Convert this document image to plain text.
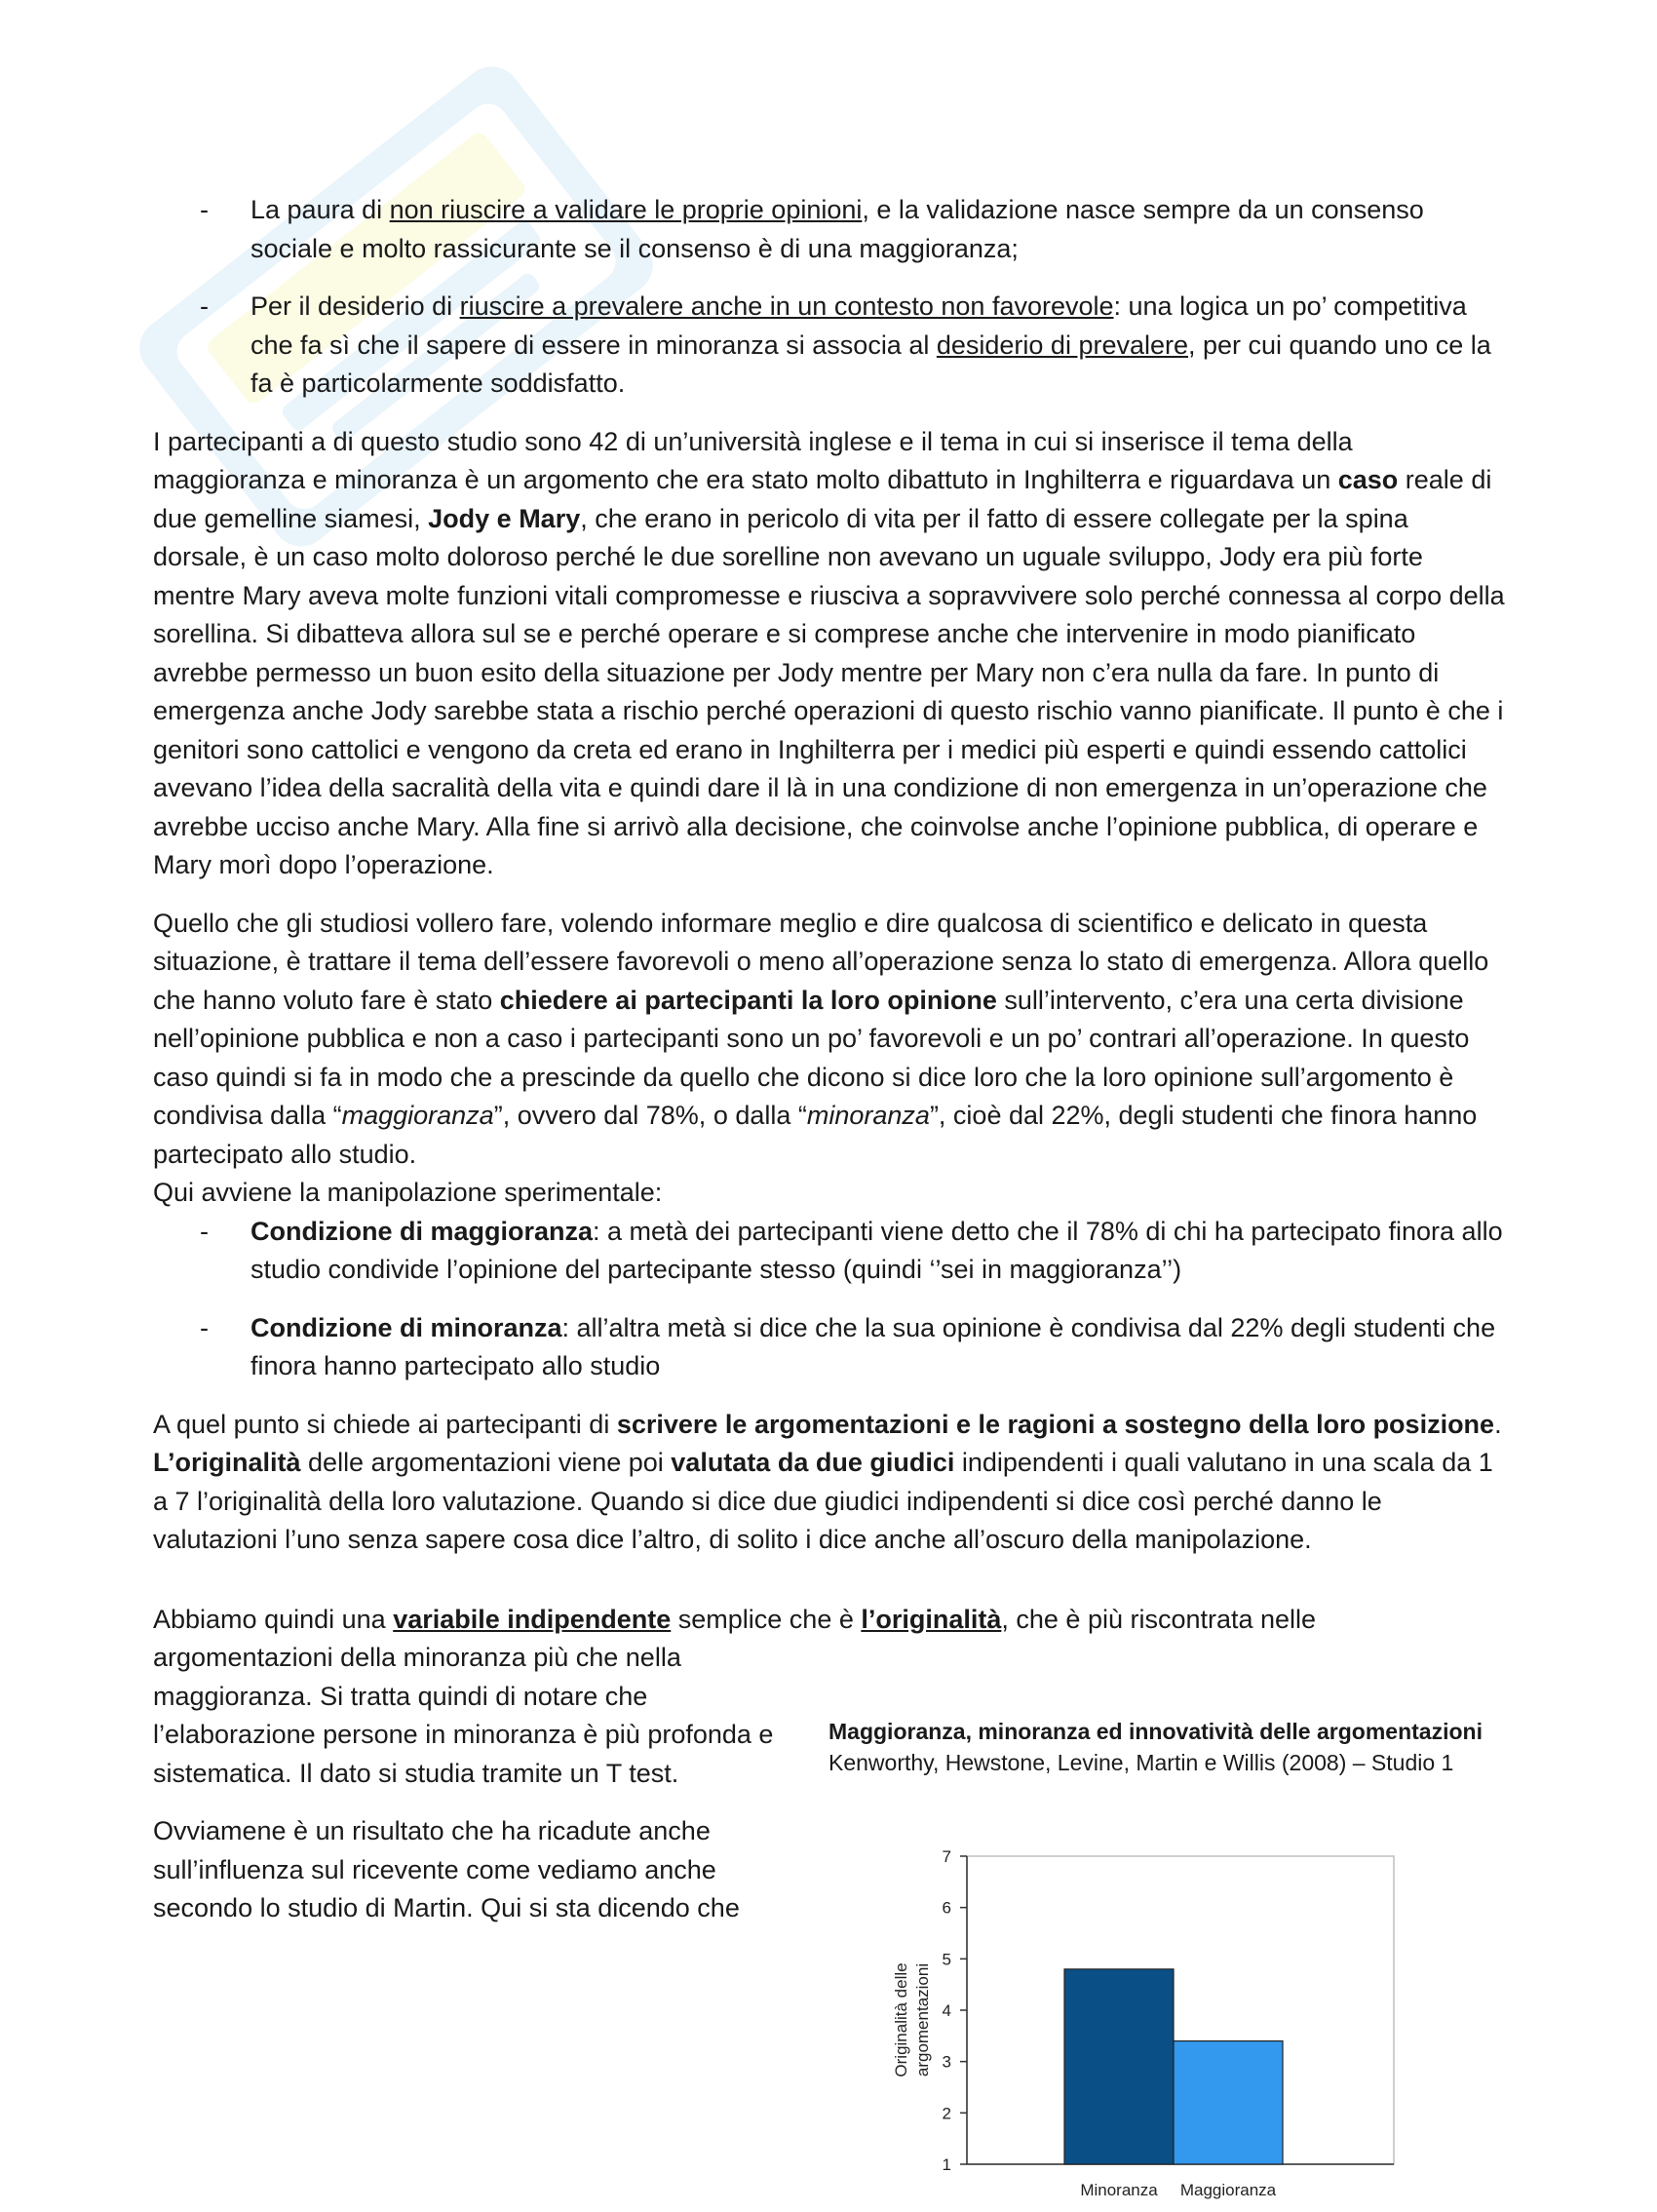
- La paura di non riuscire a validare le proprie opinioni, e la validazione nasce sempre da un consenso sociale e molto rassicurante se il consenso è di una maggioranza;
- Per il desiderio di riuscire a prevalere anche in un contesto non favorevole: una logica un po’ competitiva che fa sì che il sapere di essere in minoranza si associa al desiderio di prevalere, per cui quando uno ce la fa è particolarmente soddisfatto.

I partecipanti a di questo studio sono 42 di un’università inglese e il tema in cui si inserisce il tema della maggioranza e minoranza è un argomento che era stato molto dibattuto in Inghilterra e riguardava un caso reale di due gemelline siamesi, Jody e Mary, che erano in pericolo di vita per il fatto di essere collegate per la spina dorsale, è un caso molto doloroso perché le due sorelline non avevano un uguale sviluppo, Jody era più forte mentre Mary aveva molte funzioni vitali compromesse e riusciva a sopravvivere solo perché connessa al corpo della sorellina. Si dibatteva allora sul se e perché operare e si comprese anche che intervenire in modo pianificato avrebbe permesso un buon esito della situazione per Jody mentre per Mary non c’era nulla da fare. In punto di emergenza anche Jody sarebbe stata a rischio perché operazioni di questo rischio vanno pianificate. Il punto è che i genitori sono cattolici e vengono da creta ed erano in Inghilterra per i medici più esperti e quindi essendo cattolici avevano l’idea della sacralità della vita e quindi dare il là in una condizione di non emergenza in un’operazione che avrebbe ucciso anche Mary. Alla fine si arrivò alla decisione, che coinvolse anche l’opinione pubblica, di operare e Mary morì dopo l’operazione.

Quello che gli studiosi vollero fare, volendo informare meglio e dire qualcosa di scientifico e delicato in questa situazione, è trattare il tema dell’essere favorevoli o meno all’operazione senza lo stato di emergenza. Allora quello che hanno voluto fare è stato chiedere ai partecipanti la loro opinione sull’intervento, c’era una certa divisione nell’opinione pubblica e non a caso i partecipanti sono un po’ favorevoli e un po’ contrari all’operazione. In questo caso quindi si fa in modo che a prescinde da quello che dicono si dice loro che la loro opinione sull’argomento è condivisa dalla “maggioranza”, ovvero dal 78%, o dalla “minoranza”, cioè dal 22%, degli studenti che finora hanno partecipato allo studio.
Qui avviene la manipolazione sperimentale:

- Condizione di maggioranza: a metà dei partecipanti viene detto che il 78% di chi ha partecipato finora allo studio condivide l’opinione del partecipante stesso (quindi ‘’sei in maggioranza’’)
- Condizione di minoranza: all’altra metà si dice che la sua opinione è condivisa dal 22% degli studenti che finora hanno partecipato allo studio

A quel punto si chiede ai partecipanti di scrivere le argomentazioni e le ragioni a sostegno della loro posizione.
L’originalità delle argomentazioni viene poi valutata da due giudici indipendenti i quali valutano in una scala da 1 a 7 l’originalità della loro valutazione. Quando si dice due giudici indipendenti si dice così perché danno le valutazioni l’uno senza sapere cosa dice l’altro, di solito i dice anche all’oscuro della manipolazione.

Abbiamo quindi una variabile indipendente semplice che è l’originalità, che è più riscontrata nelle

argomentazioni della minoranza più che nella maggioranza. Si tratta quindi di notare che l’elaborazione persone in minoranza è più profonda e sistematica. Il dato si studia tramite un T test.

Ovviamene è un risultato che ha ricadute anche sull’influenza sul ricevente come vediamo anche secondo lo studio di Martin. Qui si sta dicendo che

Maggioranza, minoranza ed innovatività delle argomentazioni

Kenworthy, Hewstone, Levine, Martin e Willis (2008) – Studio 1

1
2
3
4
5
6
7
Minoranza Maggioranza
Originalità delle argomentazioni
